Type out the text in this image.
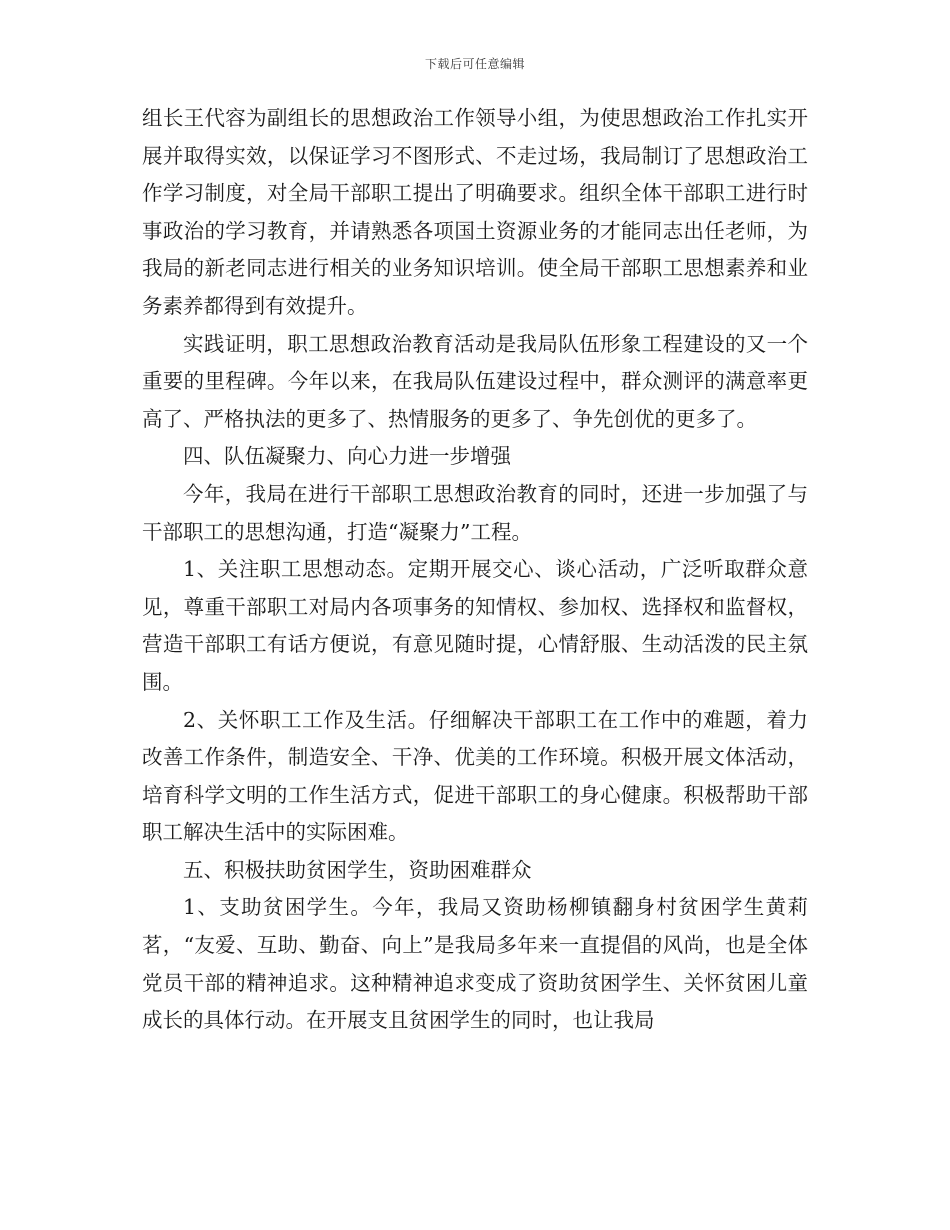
下载后可任意编辑

组长王代容为副组长的思想政治工作领导小组，为使思想政治工作扎实开展并取得实效，以保证学习不图形式、不走过场，我局制订了思想政治工作学习制度，对全局干部职工提出了明确要求。组织全体干部职工进行时事政治的学习教育，并请熟悉各项国土资源业务的才能同志出任老师，为我局的新老同志进行相关的业务知识培训。使全局干部职工思想素养和业务素养都得到有效提升。

实践证明，职工思想政治教育活动是我局队伍形象工程建设的又一个重要的里程碑。今年以来，在我局队伍建设过程中，群众测评的满意率更高了、严格执法的更多了、热情服务的更多了、争先创优的更多了。

四、队伍凝聚力、向心力进一步增强

今年，我局在进行干部职工思想政治教育的同时，还进一步加强了与干部职工的思想沟通，打造“凝聚力”工程。

1、关注职工思想动态。定期开展交心、谈心活动，广泛听取群众意见，尊重干部职工对局内各项事务的知情权、参加权、选择权和监督权，营造干部职工有话方便说，有意见随时提，心情舒服、生动活泼的民主氛围。

2、关怀职工工作及生活。仔细解决干部职工在工作中的难题，着力改善工作条件，制造安全、干净、优美的工作环境。积极开展文体活动，培育科学文明的工作生活方式，促进干部职工的身心健康。积极帮助干部职工解决生活中的实际困难。

五、积极扶助贫困学生，资助困难群众

1、支助贫困学生。今年，我局又资助杨柳镇翻身村贫困学生黄莉茗，“友爱、互助、勤奋、向上”是我局多年来一直提倡的风尚，也是全体党员干部的精神追求。这种精神追求变成了资助贫困学生、关怀贫困儿童成长的具体行动。在开展支且贫困学生的同时，也让我局
